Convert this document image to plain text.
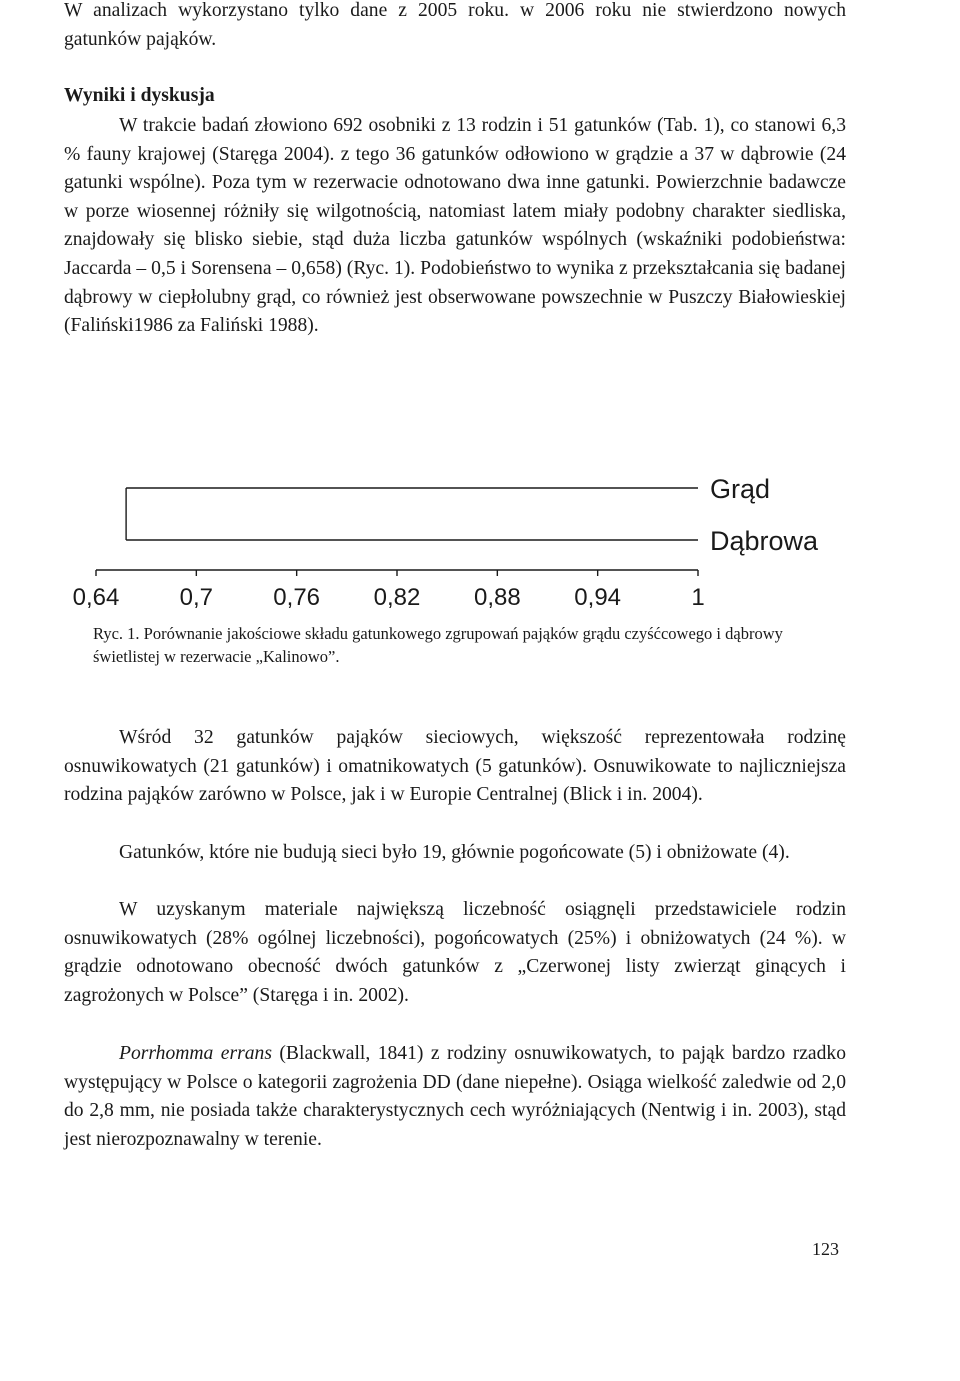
W analizach wykorzystano tylko dane z 2005 roku. w 2006 roku nie stwierdzono nowych gatunków pająków.

Wyniki i dyskusja

W trakcie badań złowiono 692 osobniki z 13 rodzin i 51 gatunków (Tab. 1), co stanowi 6,3 % fauny krajowej (Staręga 2004). z tego 36 gatunków odłowiono w grądzie a 37 w dąbrowie (24 gatunki wspólne). Poza tym w rezerwacie odnotowano dwa inne gatunki. Powierzchnie badawcze w porze wiosennej różniły się wilgotnością, natomiast latem miały podobny charakter siedliska, znajdowały się blisko siebie, stąd duża liczba gatunków wspólnych (wskaźniki podobieństwa: Jaccarda – 0,5 i Sorensena – 0,658) (Ryc. 1). Podobieństwo to wynika z przekształcania się badanej dąbrowy w ciepłolubny grąd, co również jest obserwowane powszechnie w Puszczy Białowieskiej (Faliński1986 za Faliński 1988).

Grąd
Dąbrowa
0,64	0,7	0,76 0,82 0,88 0,94	1

Ryc. 1. Porównanie jakościowe składu gatunkowego zgrupowań pająków grądu czyśćcowego i dąbrowy świetlistej w rezerwacie „Kalinowo”.

Wśród 32 gatunków pająków sieciowych, większość reprezentowała rodzinę osnuwikowatych (21 gatunków) i omatnikowatych (5 gatunków). Osnuwikowate to najliczniejsza rodzina pająków zarówno w Polsce, jak i w Europie Centralnej (Blick i in. 2004).

Gatunków, które nie budują sieci było 19, głównie pogońcowate (5) i obniżowate (4).

W uzyskanym materiale największą liczebność osiągnęli przedstawiciele rodzin osnuwikowatych (28% ogólnej liczebności), pogońcowatych (25%) i obniżowatych (24 %). w grądzie odnotowano obecność dwóch gatunków z „Czerwonej listy zwierząt ginących i zagrożonych w Polsce” (Staręga i in. 2002).

Porrhomma errans (Blackwall, 1841) z rodziny osnuwikowatych, to pająk bardzo rzadko występujący w Polsce o kategorii zagrożenia DD (dane niepełne). Osiąga wielkość zaledwie od 2,0 do 2,8 mm, nie posiada także charakterystycznych cech wyróżniających (Nentwig i in. 2003), stąd jest nierozpoznawalny w terenie.

123
